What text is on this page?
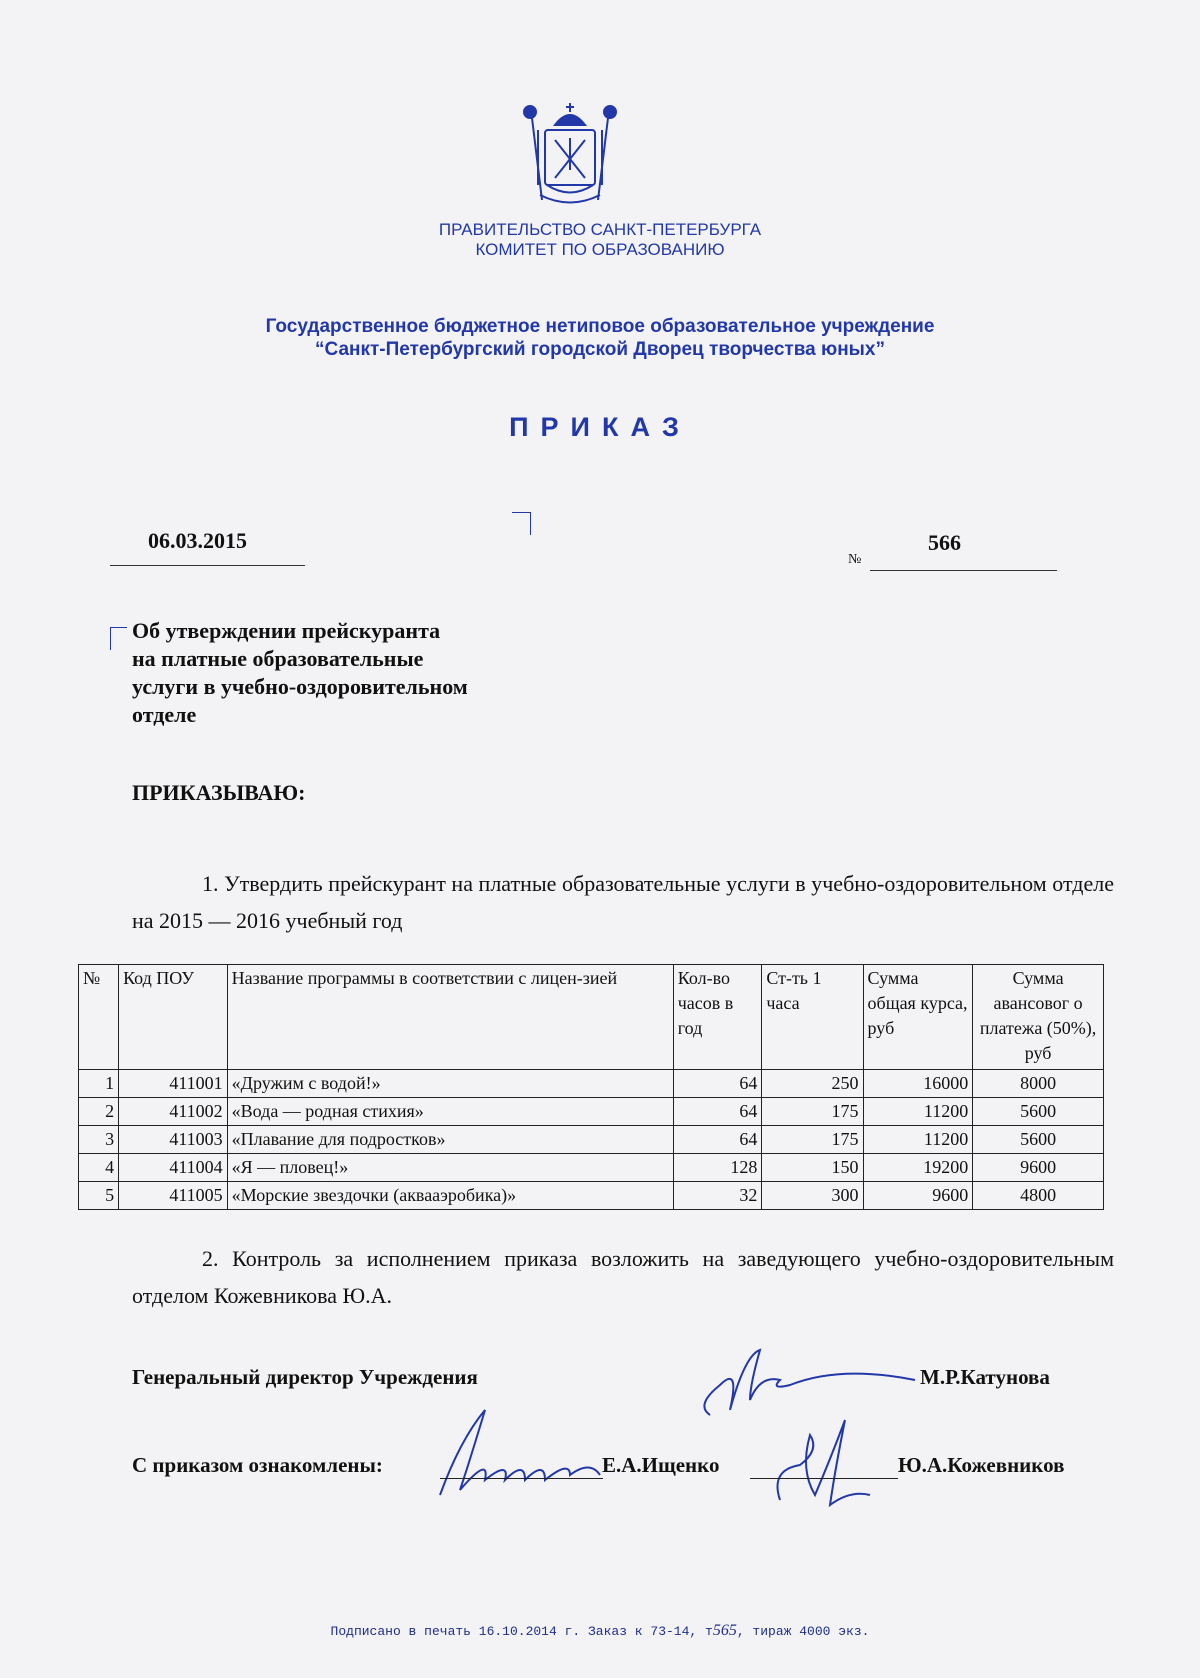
ПРАВИТЕЛЬСТВО САНКТ-ПЕТЕРБУРГА
КОМИТЕТ ПО ОБРАЗОВАНИЮ
Государственное бюджетное нетиповое образовательное учреждение
“Санкт-Петербургский городской Дворец творчества юных”
ПРИКАЗ
06.03.2015
№
566
Об утверждении прейскуранта
на платные образовательные
услуги в учебно-оздоровительном
отделе
ПРИКАЗЫВАЮ:
1. Утвердить прейскурант на платные образовательные услуги в учебно-оздоровительном отделе на 2015 — 2016 учебный год
№	Код ПОУ	Название программы в соответствии с лицен-зией	Кол-во часов в год	Ст-ть 1 часа	Сумма общая курса, руб	Сумма авансовог о платежа (50%), руб
1	411001	«Дружим с водой!»	64	250	16000	8000
2	411002	«Вода — родная стихия»	64	175	11200	5600
3	411003	«Плавание для подростков»	64	175	11200	5600
4	411004	«Я — пловец!»	128	150	19200	9600
5	411005	«Морские звездочки (аквааэробика)»	32	300	9600	4800
2. Контроль за исполнением приказа возложить на заведующего учебно-оздоровительным отделом Кожевникова Ю.А.
Генеральный директор Учреждения	М.Р.Катунова
С приказом ознакомлены:	Е.А.Ищенко	Ю.А.Кожевников
Подписано в печать 16.10.2014 г. Заказ к 73-14, т565, тираж 4000 экз.
